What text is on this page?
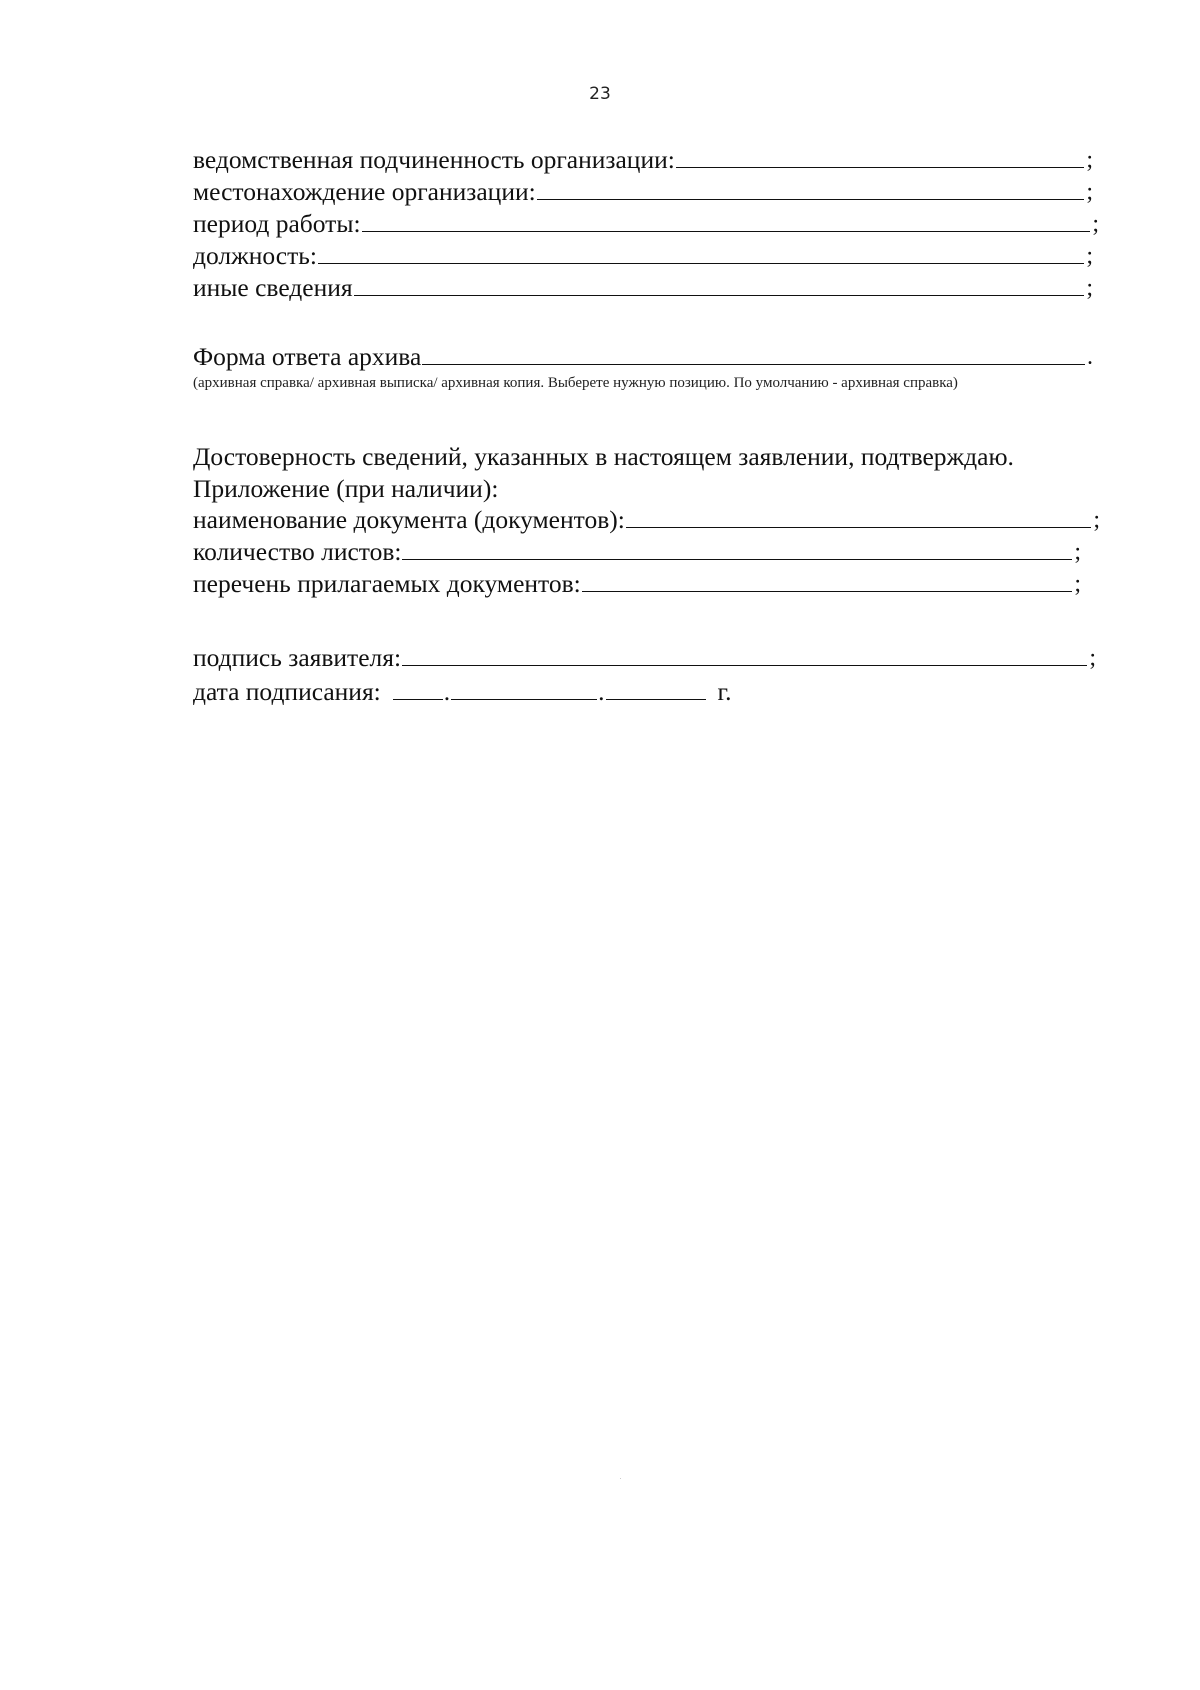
23
ведомственная подчиненность организации:	;
местонахождение организации:	;
период работы:	;
должность:	;
иные сведения	;
Форма ответа архива	.
(архивная справка/ архивная выписка/ архивная копия. Выберете нужную позицию. По умолчанию - архивная справка)
Достоверность сведений, указанных в настоящем заявлении, подтверждаю.
Приложение (при наличии):
наименование документа (документов):	;
количество листов:	;
перечень прилагаемых документов:	;
подпись заявителя:	;
дата подписания: .	.	г.
